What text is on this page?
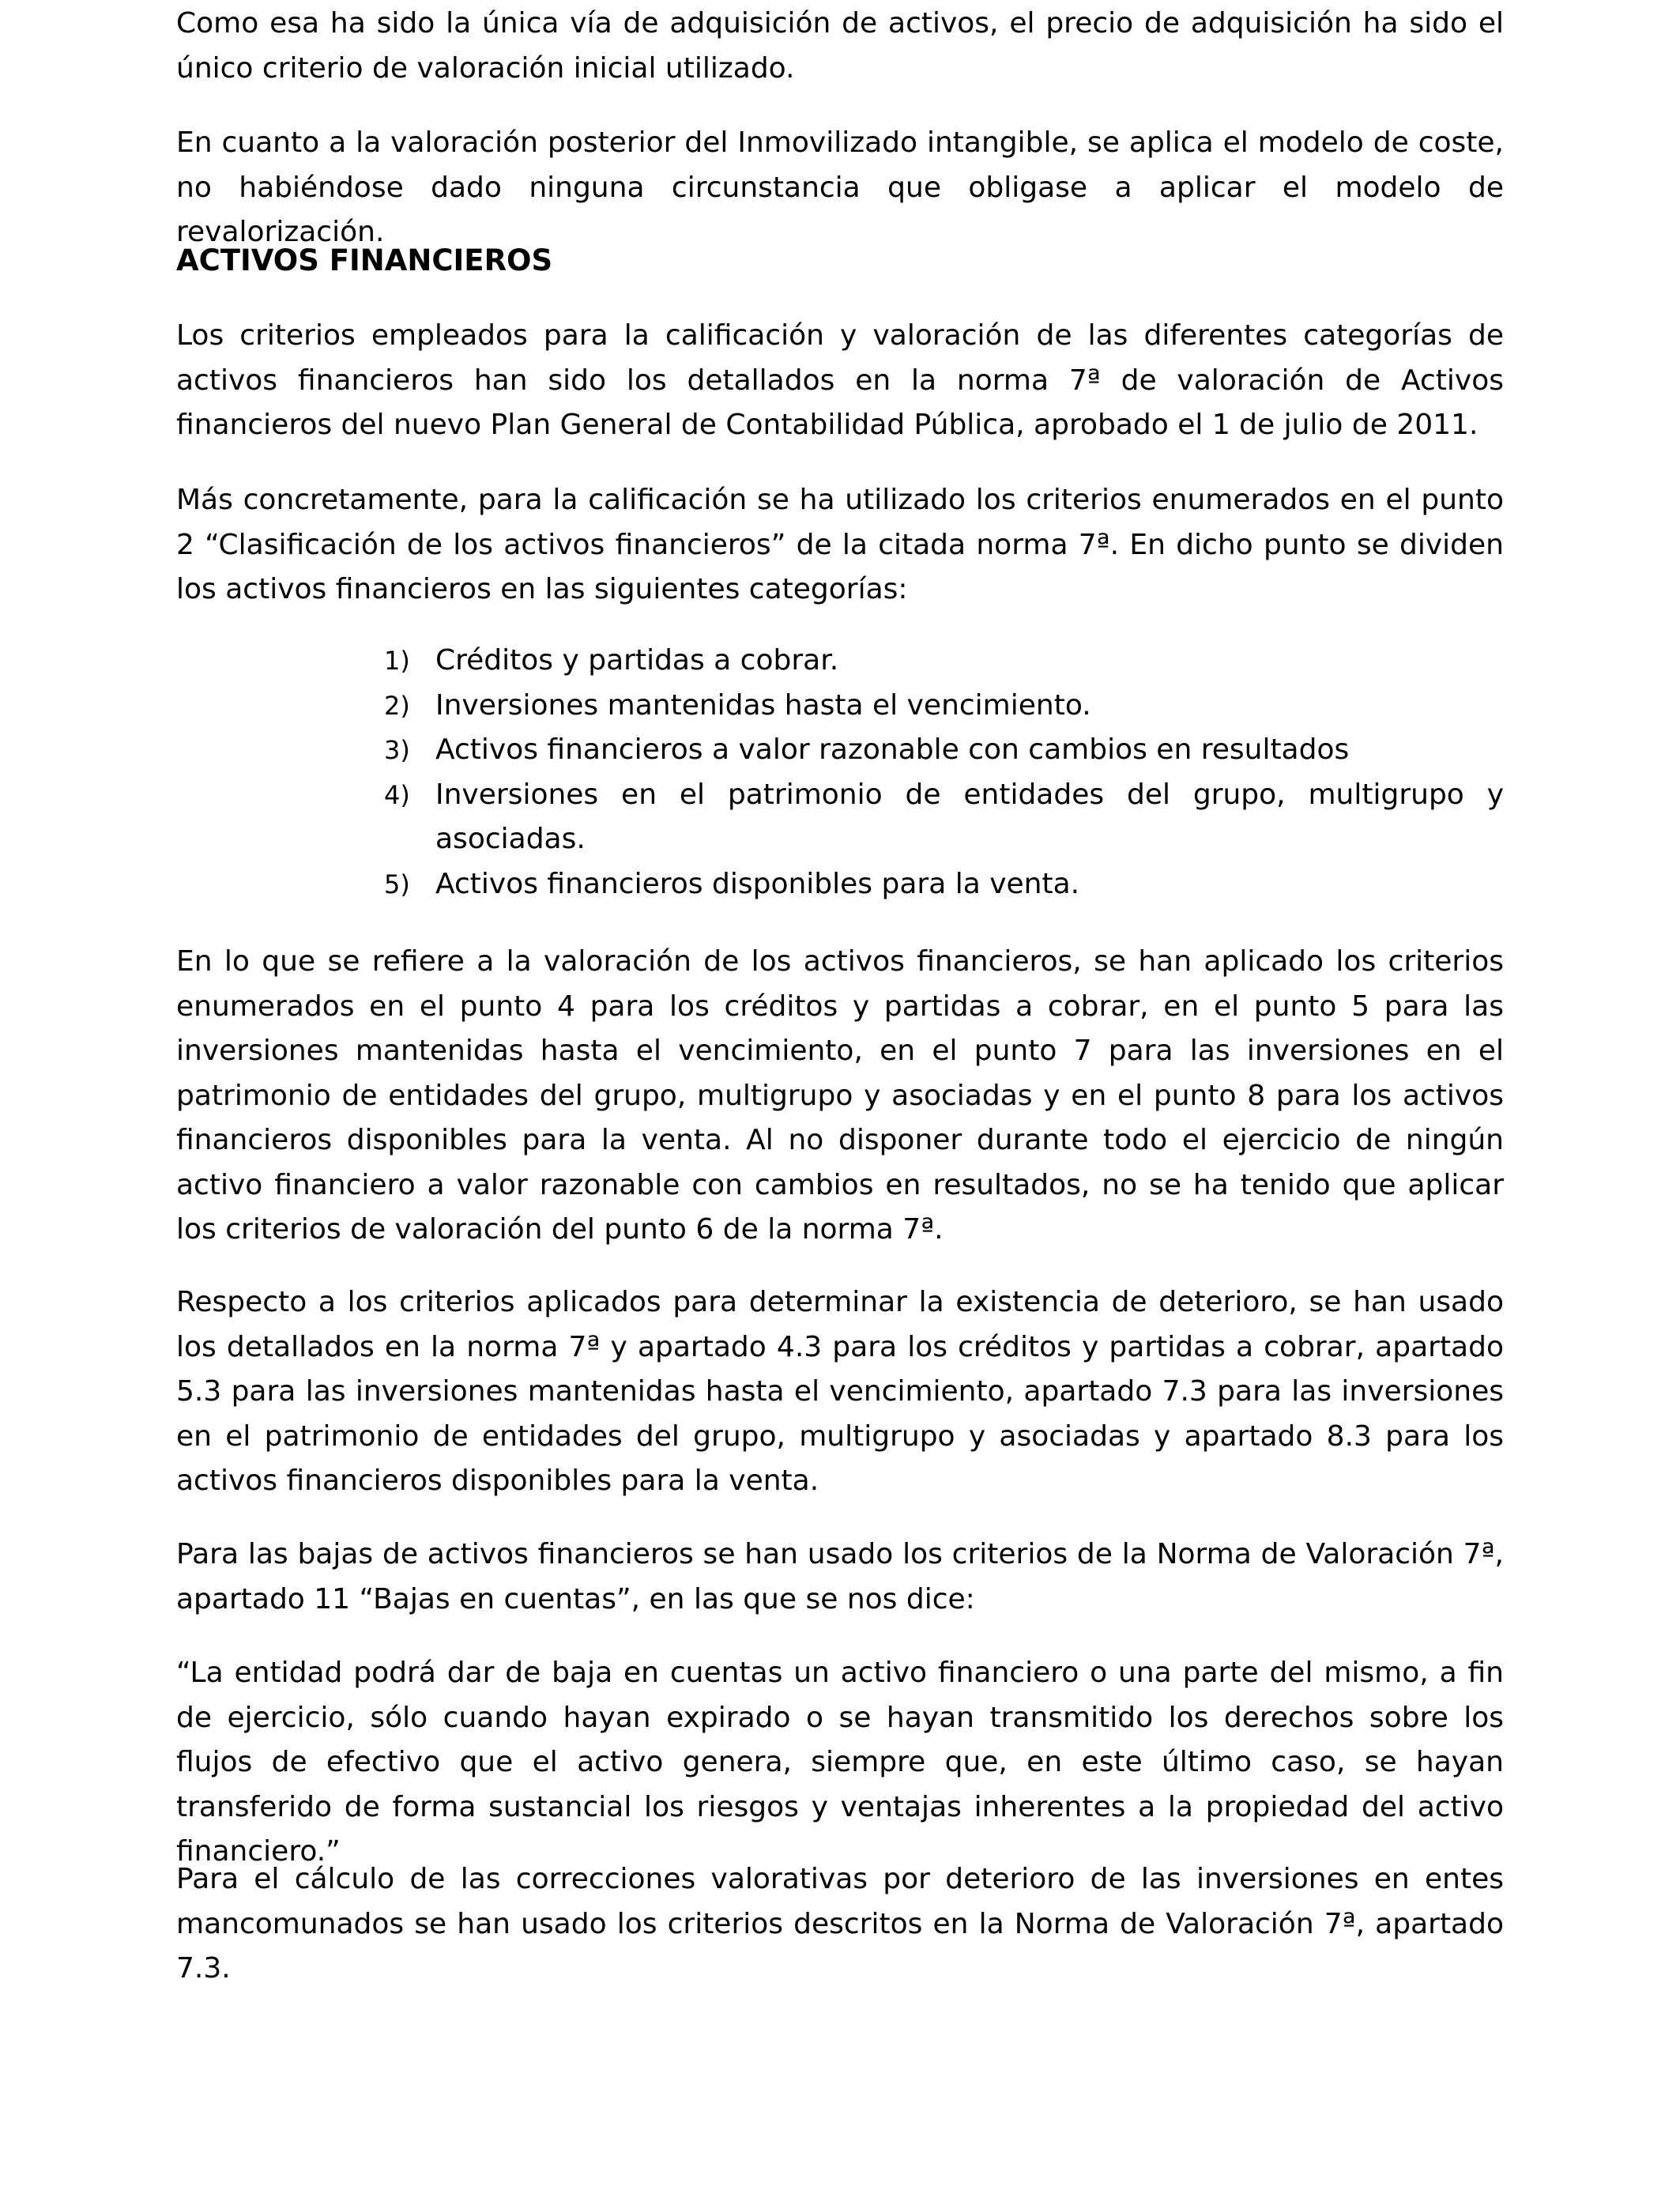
Como esa ha sido la única vía de adquisición de activos, el precio de adquisición ha sido el único criterio de valoración inicial utilizado.

En cuanto a la valoración posterior del Inmovilizado intangible, se aplica el modelo de coste, no habiéndose dado ninguna circunstancia que obligase a aplicar el modelo de revalorización.

ACTIVOS FINANCIEROS

Los criterios empleados para la calificación y valoración de las diferentes categorías de activos financieros han sido los detallados en la norma 7ª de valoración de Activos financieros del nuevo Plan General de Contabilidad Pública, aprobado el 1 de julio de 2011.

Más concretamente, para la calificación se ha utilizado los criterios enumerados en el punto 2 “Clasificación de los activos financieros” de la citada norma 7ª. En dicho punto se dividen los activos financieros en las siguientes categorías:

1) Créditos y partidas a cobrar.
2) Inversiones mantenidas hasta el vencimiento.
3) Activos financieros a valor razonable con cambios en resultados
4) Inversiones en el patrimonio de entidades del grupo, multigrupo y asociadas.
5) Activos financieros disponibles para la venta.

En lo que se refiere a la valoración de los activos financieros, se han aplicado los criterios enumerados en el punto 4 para los créditos y partidas a cobrar, en el punto 5 para las inversiones mantenidas hasta el vencimiento, en el punto 7 para las inversiones en el patrimonio de entidades del grupo, multigrupo y asociadas y en el punto 8 para los activos financieros disponibles para la venta. Al no disponer durante todo el ejercicio de ningún activo financiero a valor razonable con cambios en resultados, no se ha tenido que aplicar los criterios de valoración del punto 6 de la norma 7ª.

Respecto a los criterios aplicados para determinar la existencia de deterioro, se han usado los detallados en la norma 7ª y apartado 4.3 para los créditos y partidas a cobrar, apartado 5.3 para las inversiones mantenidas hasta el vencimiento, apartado 7.3 para las inversiones en el patrimonio de entidades del grupo, multigrupo y asociadas y apartado 8.3 para los activos financieros disponibles para la venta.

Para las bajas de activos financieros se han usado los criterios de la Norma de Valoración 7ª, apartado 11 “Bajas en cuentas”, en las que se nos dice:

“La entidad podrá dar de baja en cuentas un activo financiero o una parte del mismo, a fin de ejercicio, sólo cuando hayan expirado o se hayan transmitido los derechos sobre los flujos de efectivo que el activo genera, siempre que, en este último caso, se hayan transferido de forma sustancial los riesgos y ventajas inherentes a la propiedad del activo financiero.”

Para el cálculo de las correcciones valorativas por deterioro de las inversiones en entes mancomunados se han usado los criterios descritos en la Norma de Valoración 7ª, apartado 7.3.
